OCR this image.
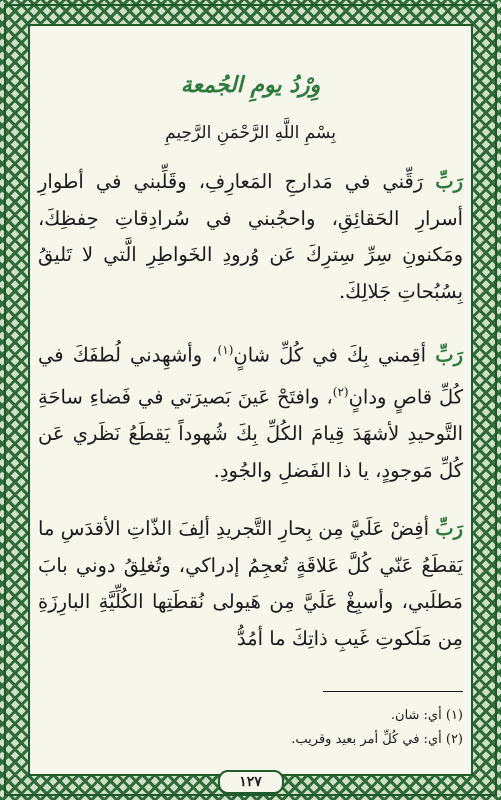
وِرْدُ يومِ الجُمعة
بِسْمِ اللَّهِ الرَّحْمَنِ الرَّحِيمِ

رَبِّ رَقِّني في مَدارجِ المَعارِفِ، وقَلِّبني في أطوارِ أسرارِ الحَقائِقِ، واحجُبني في سُرادِقاتِ حِفظِكَ، ومَكنونِ سِرِّ سِترِكَ عَن وُرودِ الخَواطِرِ الَّتي لا تَليقُ بِسُبُحاتِ جَلالِكَ.

رَبِّ أقِمني بِكَ في كُلِّ شانٍ$^{(١)}$، وأشهِدني لُطفَكَ في كُلِّ قاصٍ ودانٍ$^{(٢)}$، وافتَحْ عَينَ بَصيرَتي في فَضاءِ ساحَةِ التَّوحيدِ لأشهَدَ قِيامَ الكُلِّ بِكَ شُهوداً يَقطَعُ نَظَري عَن كُلِّ مَوجودٍ، يا ذا الفَضلِ والجُودِ.

رَبِّ أفِضْ عَلَيَّ مِن بِحارِ التَّجريدِ ألِفَ الذّاتِ الأقدَسِ ما يَقطَعُ عَنّي كُلَّ عَلاقَةٍ تُعجِمُ إدراكي، وتُغلِقُ دوني بابَ مَطلَبي، وأسبِغْ عَلَيَّ مِن هَيولى نُقطَتِها الكُلِّيَّةِ البارِزَةِ مِن مَلَكوتِ غَيبِ ذاتِكَ ما أمُدُّ

(١) أي: شان.
(٢) أي: في كُلِّ أمر بعيد وقريب.
١٢٧
